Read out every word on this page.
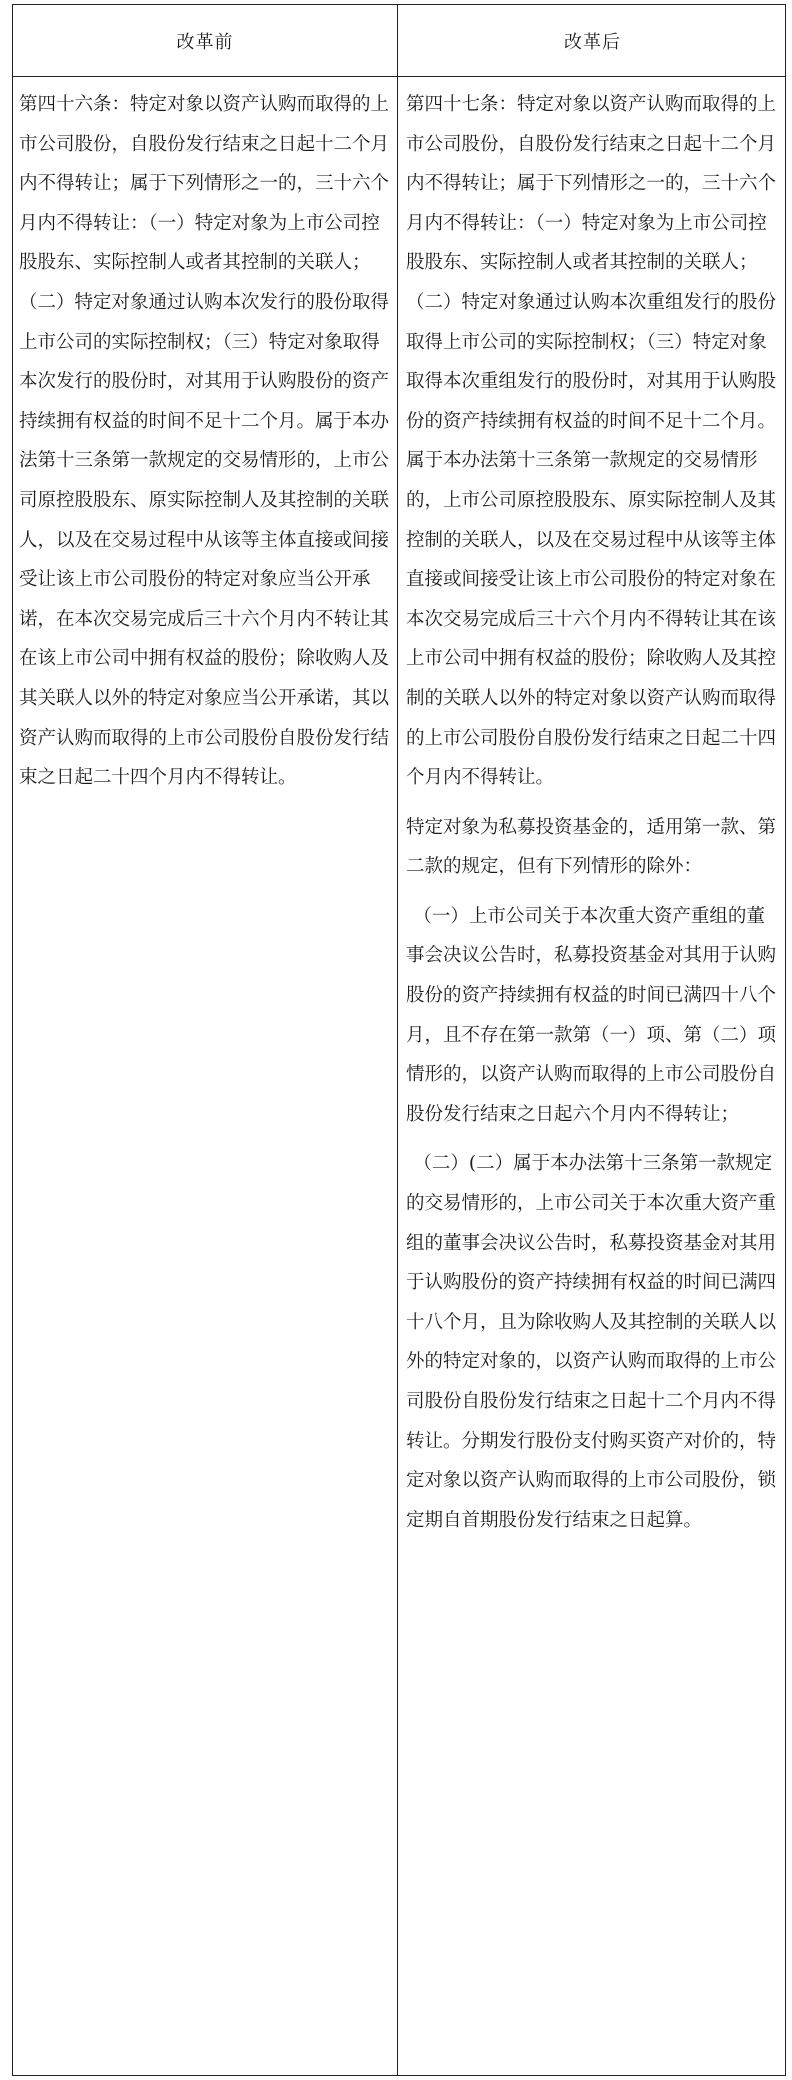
改革前	改革后

第四十六条：特定对象以资产认购而取得的上市公司股份，自股份发行结束之日起十二个月内不得转让；属于下列情形之一的，三十六个月内不得转让：（一）特定对象为上市公司控股股东、实际控制人或者其控制的关联人；（二）特定对象通过认购本次发行的股份取得上市公司的实际控制权；（三）特定对象取得本次发行的股份时，对其用于认购股份的资产持续拥有权益的时间不足十二个月。属于本办法第十三条第一款规定的交易情形的，上市公司原控股股东、原实际控制人及其控制的关联人，以及在交易过程中从该等主体直接或间接受让该上市公司股份的特定对象应当公开承诺，在本次交易完成后三十六个月内不转让其在该上市公司中拥有权益的股份；除收购人及其关联人以外的特定对象应当公开承诺，其以资产认购而取得的上市公司股份自股份发行结束之日起二十四个月内不得转让。

第四十七条：特定对象以资产认购而取得的上市公司股份，自股份发行结束之日起十二个月内不得转让；属于下列情形之一的，三十六个月内不得转让：（一）特定对象为上市公司控股股东、实际控制人或者其控制的关联人；（二）特定对象通过认购本次重组发行的股份取得上市公司的实际控制权；（三）特定对象取得本次重组发行的股份时，对其用于认购股份的资产持续拥有权益的时间不足十二个月。属于本办法第十三条第一款规定的交易情形的，上市公司原控股股东、原实际控制人及其控制的关联人，以及在交易过程中从该等主体直接或间接受让该上市公司股份的特定对象在本次交易完成后三十六个月内不得转让其在该上市公司中拥有权益的股份；除收购人及其控制的关联人以外的特定对象以资产认购而取得的上市公司股份自股份发行结束之日起二十四个月内不得转让。

特定对象为私募投资基金的，适用第一款、第二款的规定，但有下列情形的除外：

（一）上市公司关于本次重大资产重组的董事会决议公告时，私募投资基金对其用于认购股份的资产持续拥有权益的时间已满四十八个月，且不存在第一款第（一）项、第（二）项情形的，以资产认购而取得的上市公司股份自股份发行结束之日起六个月内不得转让；

（二）(二）属于本办法第十三条第一款规定的交易情形的，上市公司关于本次重大资产重组的董事会决议公告时，私募投资基金对其用于认购股份的资产持续拥有权益的时间已满四十八个月，且为除收购人及其控制的关联人以外的特定对象的，以资产认购而取得的上市公司股份自股份发行结束之日起十二个月内不得转让。分期发行股份支付购买资产对价的，特定对象以资产认购而取得的上市公司股份，锁定期自首期股份发行结束之日起算。
